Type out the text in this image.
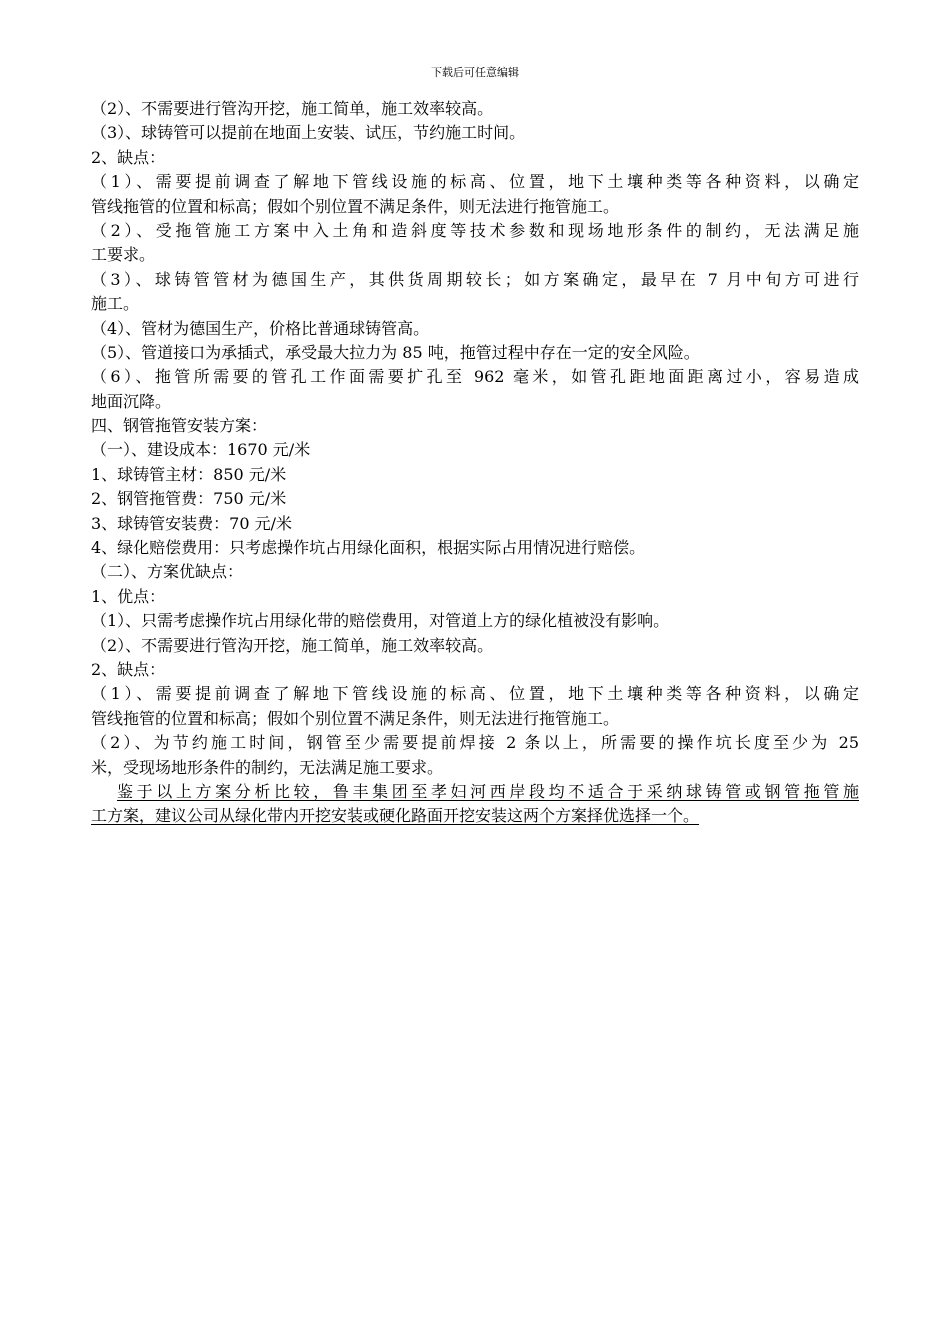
下载后可任意编辑
（2）、不需要进行管沟开挖，施工简单，施工效率较高。
（3）、球铸管可以提前在地面上安装、试压，节约施工时间。
2、缺点：
（1）、需要提前调查了解地下管线设施的标高、位置，地下土壤种类等各种资料，以确定
管线拖管的位置和标高；假如个别位置不满足条件，则无法进行拖管施工。
（2）、受拖管施工方案中入土角和造斜度等技术参数和现场地形条件的制约，无法满足施
工要求。
（3）、球铸管管材为德国生产，其供货周期较长；如方案确定，最早在 7 月中旬方可进行
施工。
（4）、管材为德国生产，价格比普通球铸管高。
（5）、管道接口为承插式，承受最大拉力为 85 吨，拖管过程中存在一定的安全风险。
（6）、拖管所需要的管孔工作面需要扩孔至 962 毫米，如管孔距地面距离过小，容易造成
地面沉降。
四、钢管拖管安装方案：
（一）、建设成本：1670 元/米
1、球铸管主材：850 元/米
2、钢管拖管费：750 元/米
3、球铸管安装费：70 元/米
4、绿化赔偿费用：只考虑操作坑占用绿化面积，根据实际占用情况进行赔偿。
（二）、方案优缺点：
1、优点：
（1）、只需考虑操作坑占用绿化带的赔偿费用，对管道上方的绿化植被没有影响。
（2）、不需要进行管沟开挖，施工简单，施工效率较高。
2、缺点：
（1）、需要提前调查了解地下管线设施的标高、位置，地下土壤种类等各种资料，以确定
管线拖管的位置和标高；假如个别位置不满足条件，则无法进行拖管施工。
（2）、为节约施工时间，钢管至少需要提前焊接 2 条以上，所需要的操作坑长度至少为 25
米，受现场地形条件的制约，无法满足施工要求。
鉴于以上方案分析比较，鲁丰集团至孝妇河西岸段均不适合于采纳球铸管或钢管拖管施
工方案，建议公司从绿化带内开挖安装或硬化路面开挖安装这两个方案择优选择一个。
